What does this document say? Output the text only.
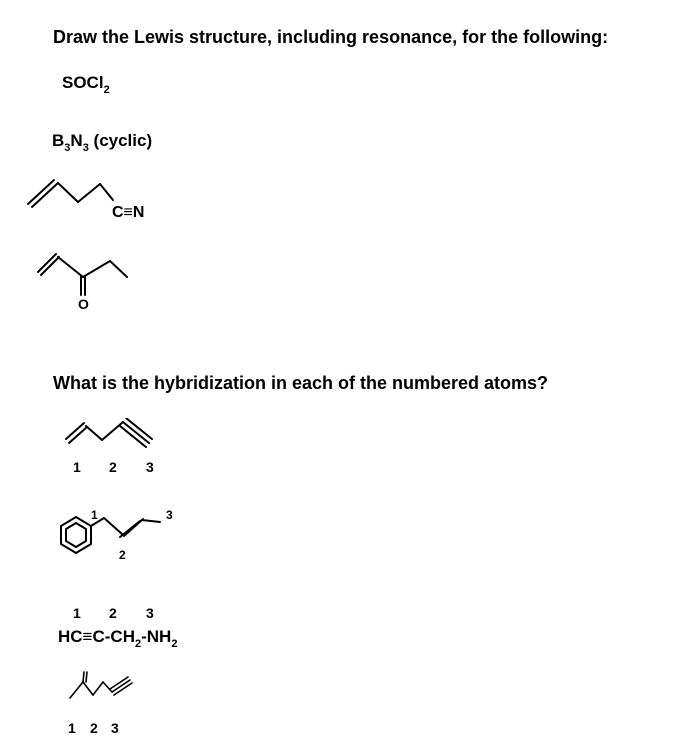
Draw the Lewis structure, including resonance, for the following:
SOCl$_2$
$B_3N_3$ (cyclic)
C≡N
O
What is the hybridization in each of the numbered atoms?
1 2 3
1
2
3
1 2 3
$HC\equiv C-CH_2-NH_2$
1 2 3
